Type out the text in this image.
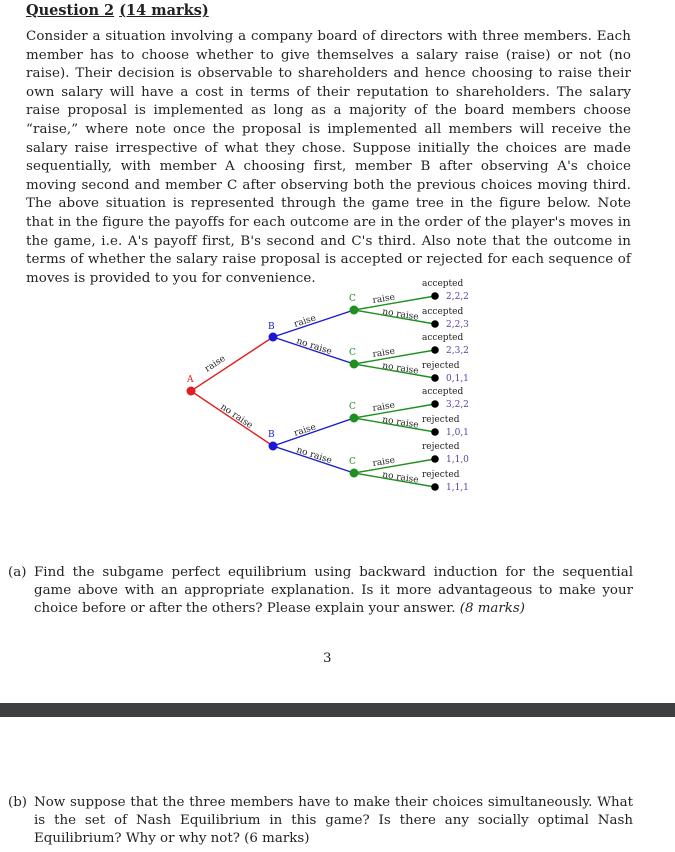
Question 2 (14 marks)

Consider a situation involving a company board of directors with three members. Each member has to choose whether to give themselves a salary raise (raise) or not (no raise). Their decision is observable to shareholders and hence choosing to raise their own salary will have a cost in terms of their reputation to shareholders. The salary raise proposal is implemented as long as a majority of the board members choose “raise,” where note once the proposal is implemented all members will receive the salary raise irrespective of what they chose. Suppose initially the choices are made sequentially, with member A choosing first, member B after observing A's choice moving second and member C after observing both the previous choices moving third. The above situation is represented through the game tree in the figure below. Note that in the figure the payoffs for each outcome are in the order of the player's moves in the game, i.e. A's payoff first, B's second and C's third. Also note that the outcome in terms of whether the salary raise proposal is accepted or rejected for each sequence of moves is provided to you for convenience.

raise
no raise
raise
no raise
raise
no raise
raise
no raise
raise
no raise
raise
no raise
raise
no raise
A
B
B
C
C
C
C
accepted
2,2,2
accepted
2,2,3
accepted
2,3,2
rejected
0,1,1
accepted
3,2,2
rejected
1,0,1
rejected
1,1,0
rejected
1,1,1
(a) Find the subgame perfect equilibrium using backward induction for the sequential game above with an appropriate explanation. Is it more advantageous to make your choice before or after the others? Please explain your answer. (8 marks)
3
(b) Now suppose that the three members have to make their choices simultaneously. What is the set of Nash Equilibrium in this game? Is there any socially optimal Nash Equilibrium? Why or why not? (6 marks)
